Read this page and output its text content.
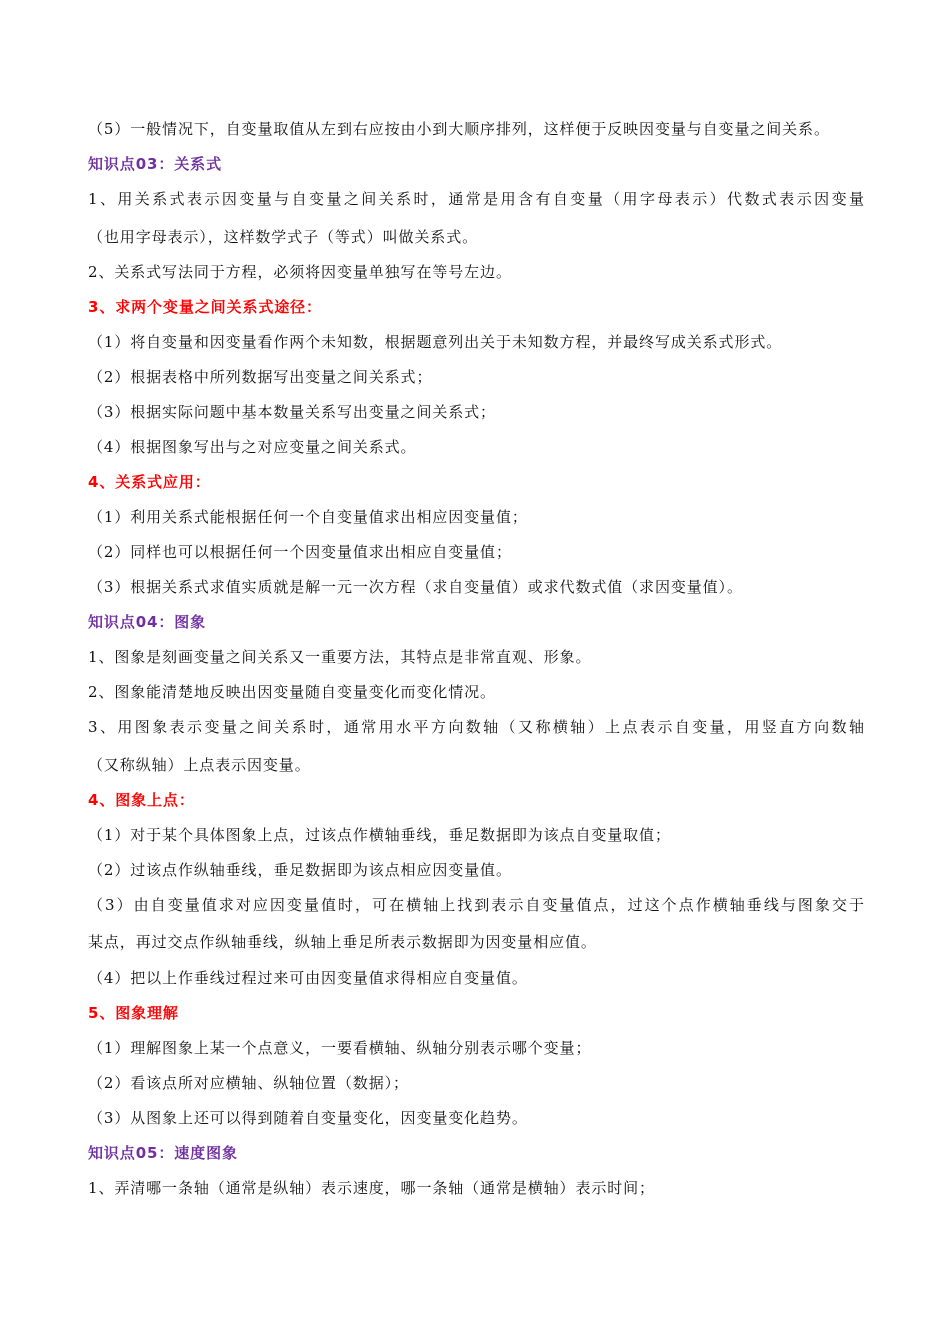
（5）一般情况下，自变量取值从左到右应按由小到大顺序排列，这样便于反映因变量与自变量之间关系。
知识点03：关系式
1、用关系式表示因变量与自变量之间关系时，通常是用含有自变量（用字母表示）代数式表示因变量
（也用字母表示），这样数学式子（等式）叫做关系式。
2、关系式写法同于方程，必须将因变量单独写在等号左边。
3、求两个变量之间关系式途径：
（1）将自变量和因变量看作两个未知数，根据题意列出关于未知数方程，并最终写成关系式形式。
（2）根据表格中所列数据写出变量之间关系式；
（3）根据实际问题中基本数量关系写出变量之间关系式；
（4）根据图象写出与之对应变量之间关系式。
4、关系式应用：
（1）利用关系式能根据任何一个自变量值求出相应因变量值；
（2）同样也可以根据任何一个因变量值求出相应自变量值；
（3）根据关系式求值实质就是解一元一次方程（求自变量值）或求代数式值（求因变量值）。
知识点04：图象
1、图象是刻画变量之间关系又一重要方法，其特点是非常直观、形象。
2、图象能清楚地反映出因变量随自变量变化而变化情况。
3、用图象表示变量之间关系时，通常用水平方向数轴（又称横轴）上点表示自变量，用竖直方向数轴
（又称纵轴）上点表示因变量。
4、图象上点：
（1）对于某个具体图象上点，过该点作横轴垂线，垂足数据即为该点自变量取值；
（2）过该点作纵轴垂线，垂足数据即为该点相应因变量值。
（3）由自变量值求对应因变量值时，可在横轴上找到表示自变量值点，过这个点作横轴垂线与图象交于
某点，再过交点作纵轴垂线，纵轴上垂足所表示数据即为因变量相应值。
（4）把以上作垂线过程过来可由因变量值求得相应自变量值。
5、图象理解
（1）理解图象上某一个点意义，一要看横轴、纵轴分别表示哪个变量；
（2）看该点所对应横轴、纵轴位置（数据）；
（3）从图象上还可以得到随着自变量变化，因变量变化趋势。
知识点05：速度图象
1、弄清哪一条轴（通常是纵轴）表示速度，哪一条轴（通常是横轴）表示时间；
